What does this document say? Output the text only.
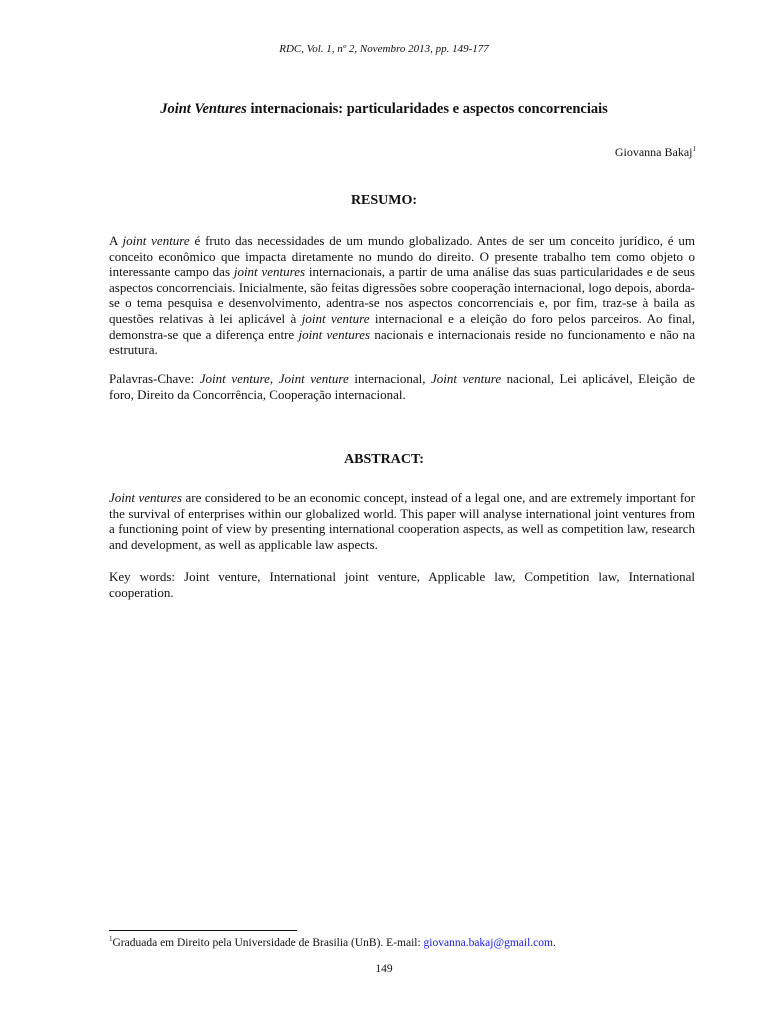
RDC, Vol. 1, nº 2, Novembro 2013, pp. 149-177
Joint Ventures internacionais: particularidades e aspectos concorrenciais
Giovanna Bakaj$^1$
RESUMO:
A joint venture é fruto das necessidades de um mundo globalizado. Antes de ser um conceito jurídico, é um conceito econômico que impacta diretamente no mundo do direito. O presente trabalho tem como objeto o interessante campo das joint ventures internacionais, a partir de uma análise das suas particularidades e de seus aspectos concorrenciais. Inicialmente, são feitas digressões sobre cooperação internacional, logo depois, aborda-se o tema pesquisa e desenvolvimento, adentra-se nos aspectos concorrenciais e, por fim, traz-se à baila as questões relativas à lei aplicável à joint venture internacional e a eleição do foro pelos parceiros. Ao final, demonstra-se que a diferença entre joint ventures nacionais e internacionais reside no funcionamento e não na estrutura.
Palavras-Chave: Joint venture, Joint venture internacional, Joint venture nacional, Lei aplicável, Eleição de foro, Direito da Concorrência, Cooperação internacional.
ABSTRACT:
Joint ventures are considered to be an economic concept, instead of a legal one, and are extremely important for the survival of enterprises within our globalized world. This paper will analyse international joint ventures from a functioning point of view by presenting international cooperation aspects, as well as competition law, research and development, as well as applicable law aspects.
Key words: Joint venture, International joint venture, Applicable law, Competition law, International cooperation.
$^1$Graduada em Direito pela Universidade de Brasilia (UnB). E-mail: giovanna.bakaj@gmail.com.
149
